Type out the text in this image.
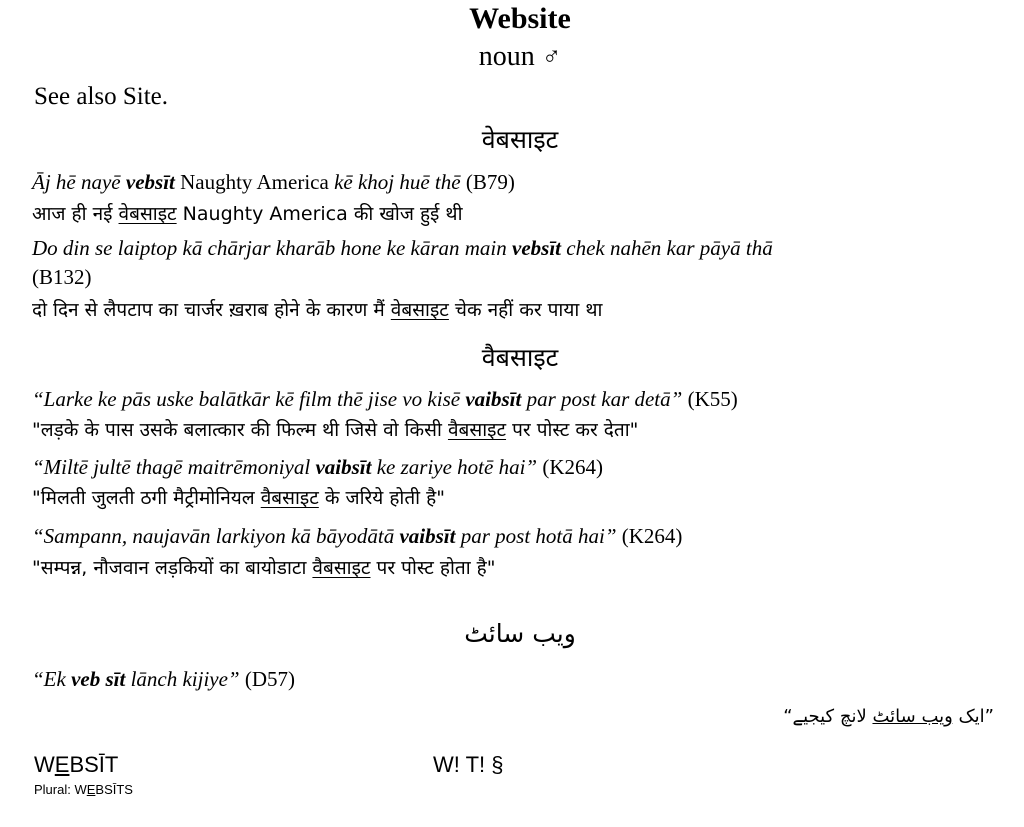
Website
noun ♂
See also Site.
वेबसाइट
Āj hē nayē vebsīt Naughty America kē khoj huē thē (B79)
आज ही नई वेबसाइट Naughty America की खोज हुई थी
Do din se laiptop kā chārjar kharāb hone ke kāran main vebsīt chek nahēn kar pāyā thā
(B132)
दो दिन से लैपटाप का चार्जर ख़राब होने के कारण मैं वेबसाइट चेक नहीं कर पाया था
वैबसाइट
“Larke ke pās uske balātkār kē film thē jise vo kisē vaibsīt par post kar detā” (K55)
"लड़के के पास उसके बलात्कार की फिल्म थी जिसे वो किसी वैबसाइट पर पोस्ट कर देता"
“Miltē jultē thagē maitrēmoniyal vaibsīt ke zariye hotē hai” (K264)
"मिलती जुलती ठगी मैट्रीमोनियल वैबसाइट के जरिये होती है"
“Sampann, naujavān larkiyon kā bāyodātā vaibsīt par post hotā hai” (K264)
"सम्पन्न, नौजवान लड़कियों का बायोडाटा वैबसाइट पर पोस्ट होता है"
ویب سائٹ
“Ek veb sīt lānch kijiye” (D57)
”ایک ویب سائٹ لانچ کیجیے“
WEBSĪT
Plural: WEBSĪTS
W! T! §
